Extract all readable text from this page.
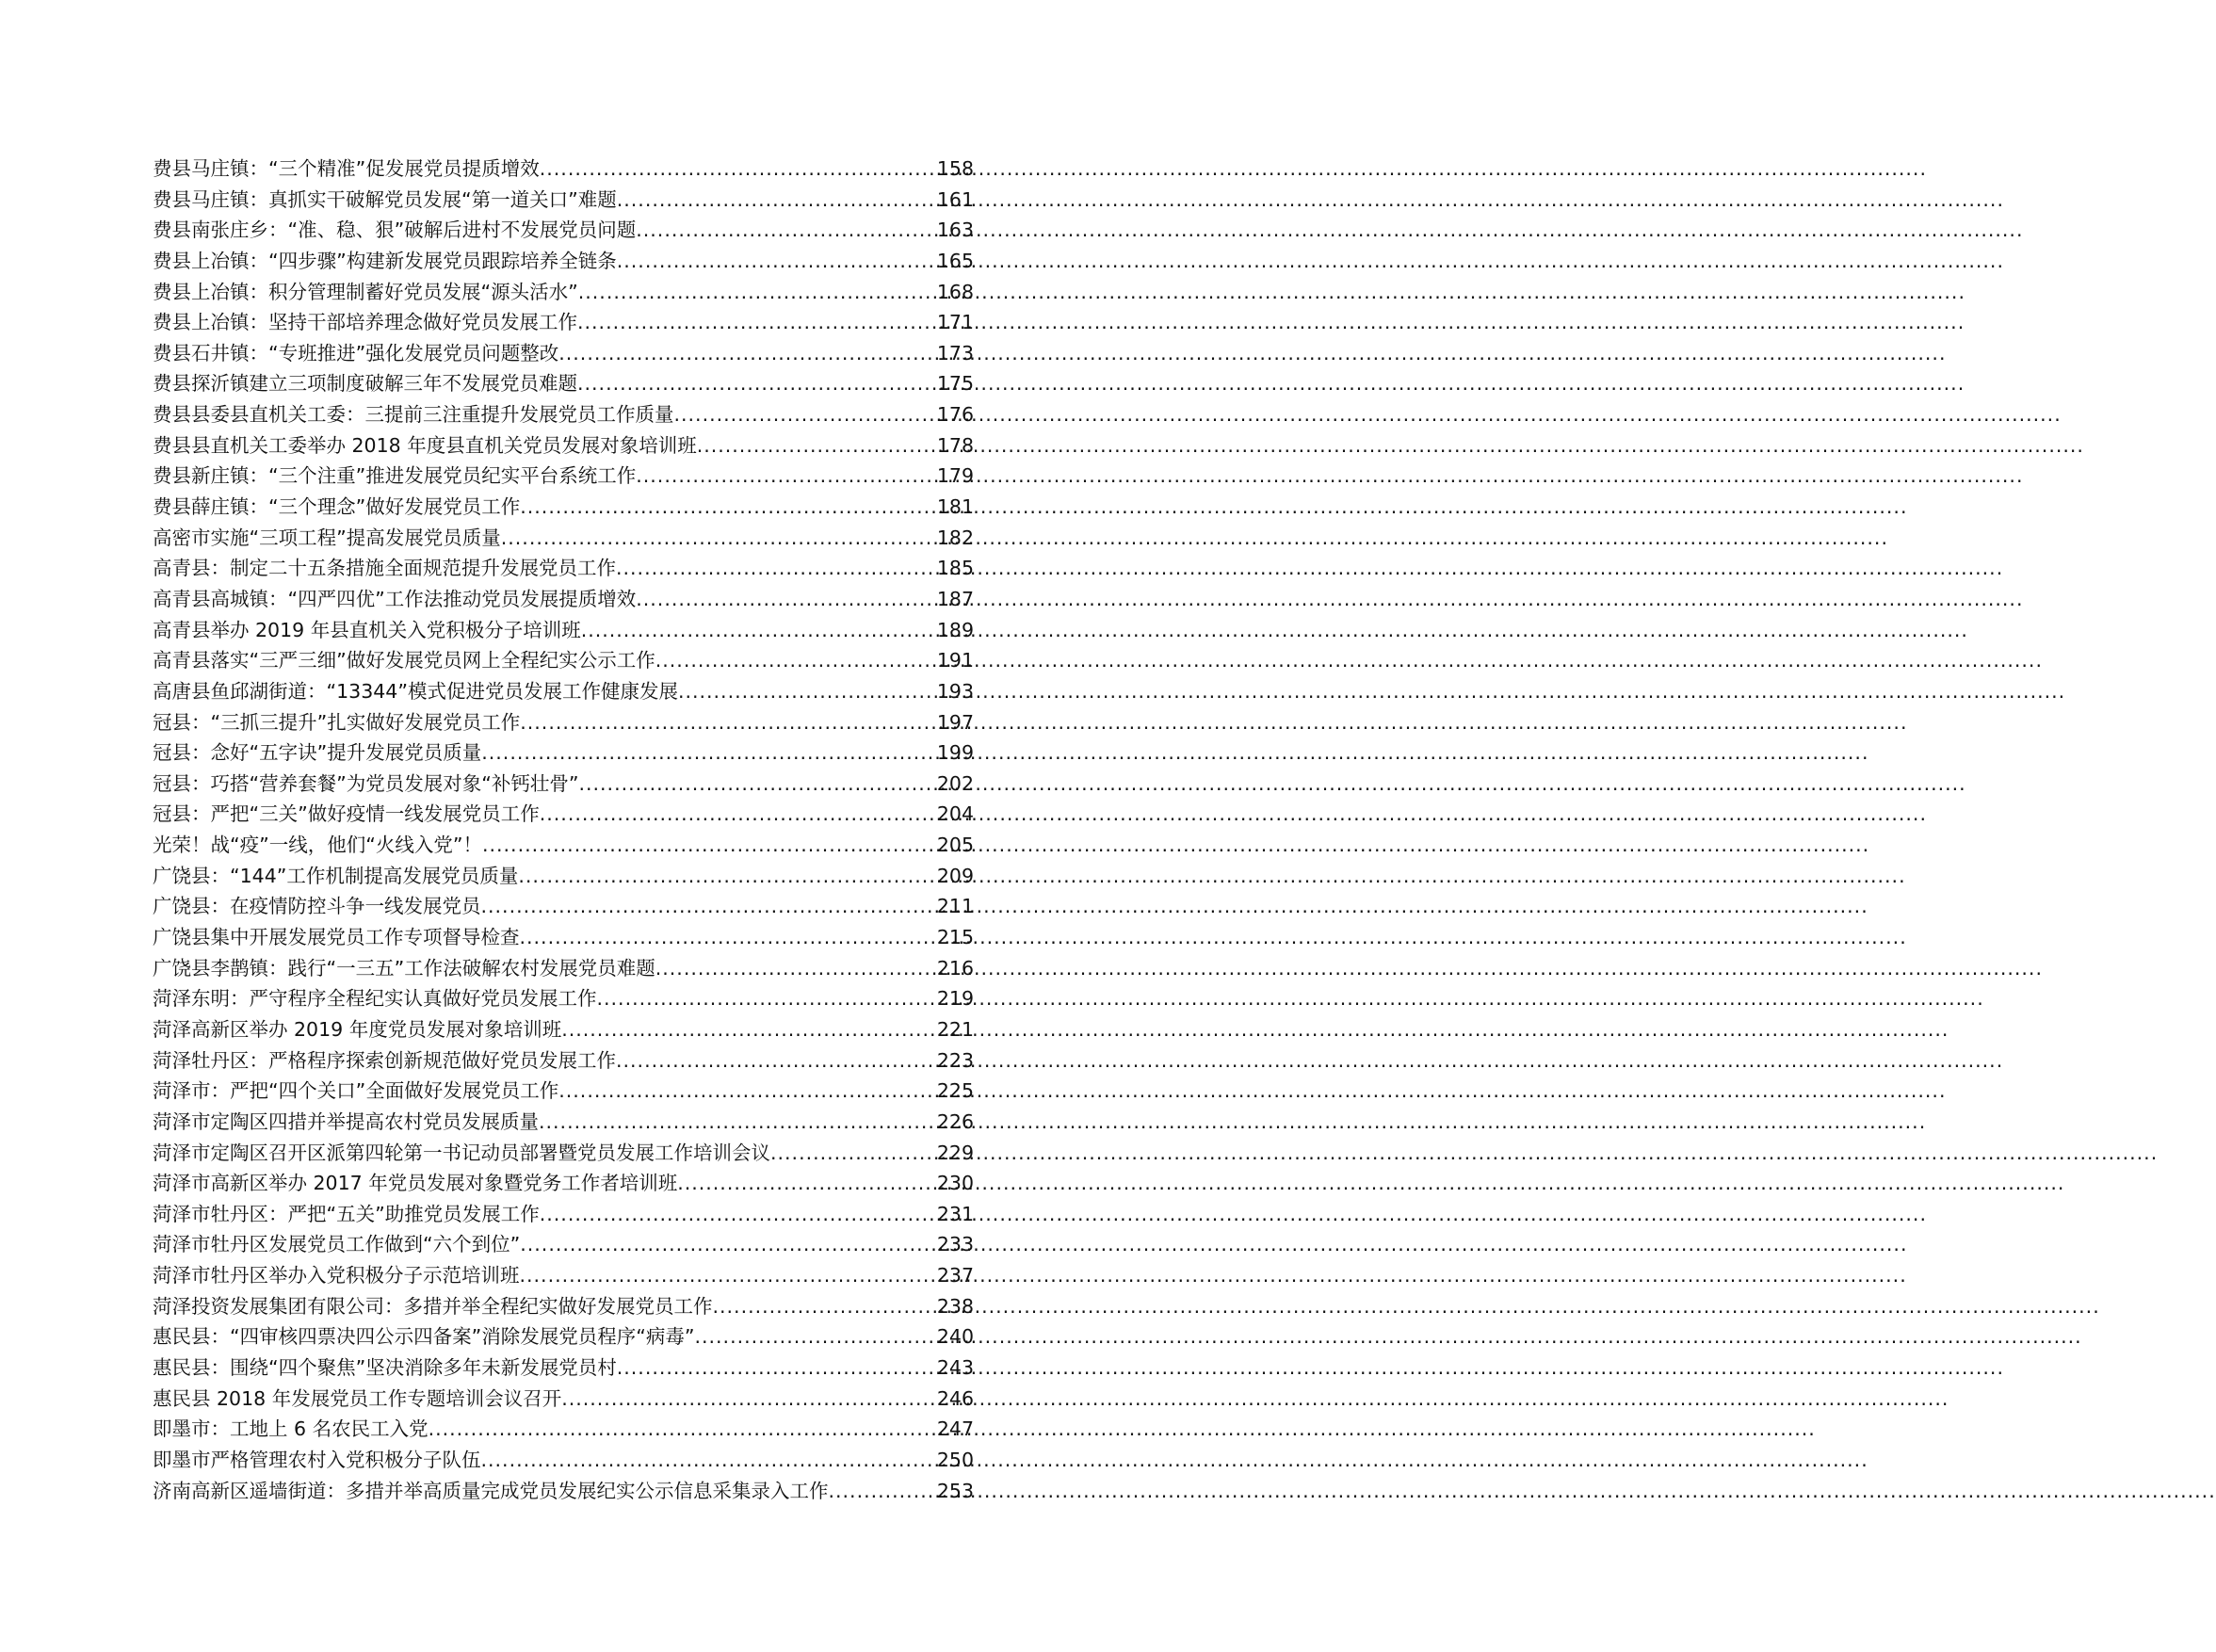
费县马庄镇：“三个精准”促发展党员提质增效 .....	158
费县马庄镇：真抓实干破解党员发展“第一道关口”难题 .....	161
费县南张庄乡：“准、稳、狠”破解后进村不发展党员问题 .....	163
费县上冶镇：“四步骤”构建新发展党员跟踪培养全链条 .....	165
费县上冶镇：积分管理制蓄好党员发展“源头活水” .....	168
费县上冶镇：坚持干部培养理念做好党员发展工作 .....	171
费县石井镇：“专班推进”强化发展党员问题整改 .....	173
费县探沂镇建立三项制度破解三年不发展党员难题 .....	175
费县县委县直机关工委：三提前三注重提升发展党员工作质量 .....	176
费县县直机关工委举办 2018 年度县直机关党员发展对象培训班 .....	178
费县新庄镇：“三个注重”推进发展党员纪实平台系统工作 .....	179
费县薛庄镇：“三个理念”做好发展党员工作 .....	181
高密市实施“三项工程”提高发展党员质量 .....	182
高青县：制定二十五条措施全面规范提升发展党员工作 .....	185
高青县高城镇：“四严四优”工作法推动党员发展提质增效 .....	187
高青县举办 2019 年县直机关入党积极分子培训班 .....	189
高青县落实“三严三细”做好发展党员网上全程纪实公示工作 .....	191
高唐县鱼邱湖街道：“13344”模式促进党员发展工作健康发展 .....	193
冠县：“三抓三提升”扎实做好发展党员工作 .....	197
冠县：念好“五字诀”提升发展党员质量 .....	199
冠县：巧搭“营养套餐”为党员发展对象“补钙壮骨” .....	202
冠县：严把“三关”做好疫情一线发展党员工作 .....	204
光荣！战“疫”一线，他们“火线入党”！ .....	205
广饶县：“144”工作机制提高发展党员质量 .....	209
广饶县：在疫情防控斗争一线发展党员 .....	211
广饶县集中开展发展党员工作专项督导检查 .....	215
广饶县李鹊镇：践行“一三五”工作法破解农村发展党员难题 .....	216
菏泽东明：严守程序全程纪实认真做好党员发展工作 .....	219
菏泽高新区举办 2019 年度党员发展对象培训班 .....	221
菏泽牡丹区：严格程序探索创新规范做好党员发展工作 .....	223
菏泽市：严把“四个关口”全面做好发展党员工作 .....	225
菏泽市定陶区四措并举提高农村党员发展质量 .....	226
菏泽市定陶区召开区派第四轮第一书记动员部署暨党员发展工作培训会议 .....	229
菏泽市高新区举办 2017 年党员发展对象暨党务工作者培训班 .....	230
菏泽市牡丹区：严把“五关”助推党员发展工作 .....	231
菏泽市牡丹区发展党员工作做到“六个到位” .....	233
菏泽市牡丹区举办入党积极分子示范培训班 .....	237
菏泽投资发展集团有限公司：多措并举全程纪实做好发展党员工作 .....	238
惠民县：“四审核四票决四公示四备案”消除发展党员程序“病毒” .....	240
惠民县：围绕“四个聚焦”坚决消除多年未新发展党员村 .....	243
惠民县 2018 年发展党员工作专题培训会议召开 .....	246
即墨市：工地上 6 名农民工入党 .....	247
即墨市严格管理农村入党积极分子队伍 .....	250
济南高新区遥墙街道：多措并举高质量完成党员发展纪实公示信息采集录入工作 .....	253
